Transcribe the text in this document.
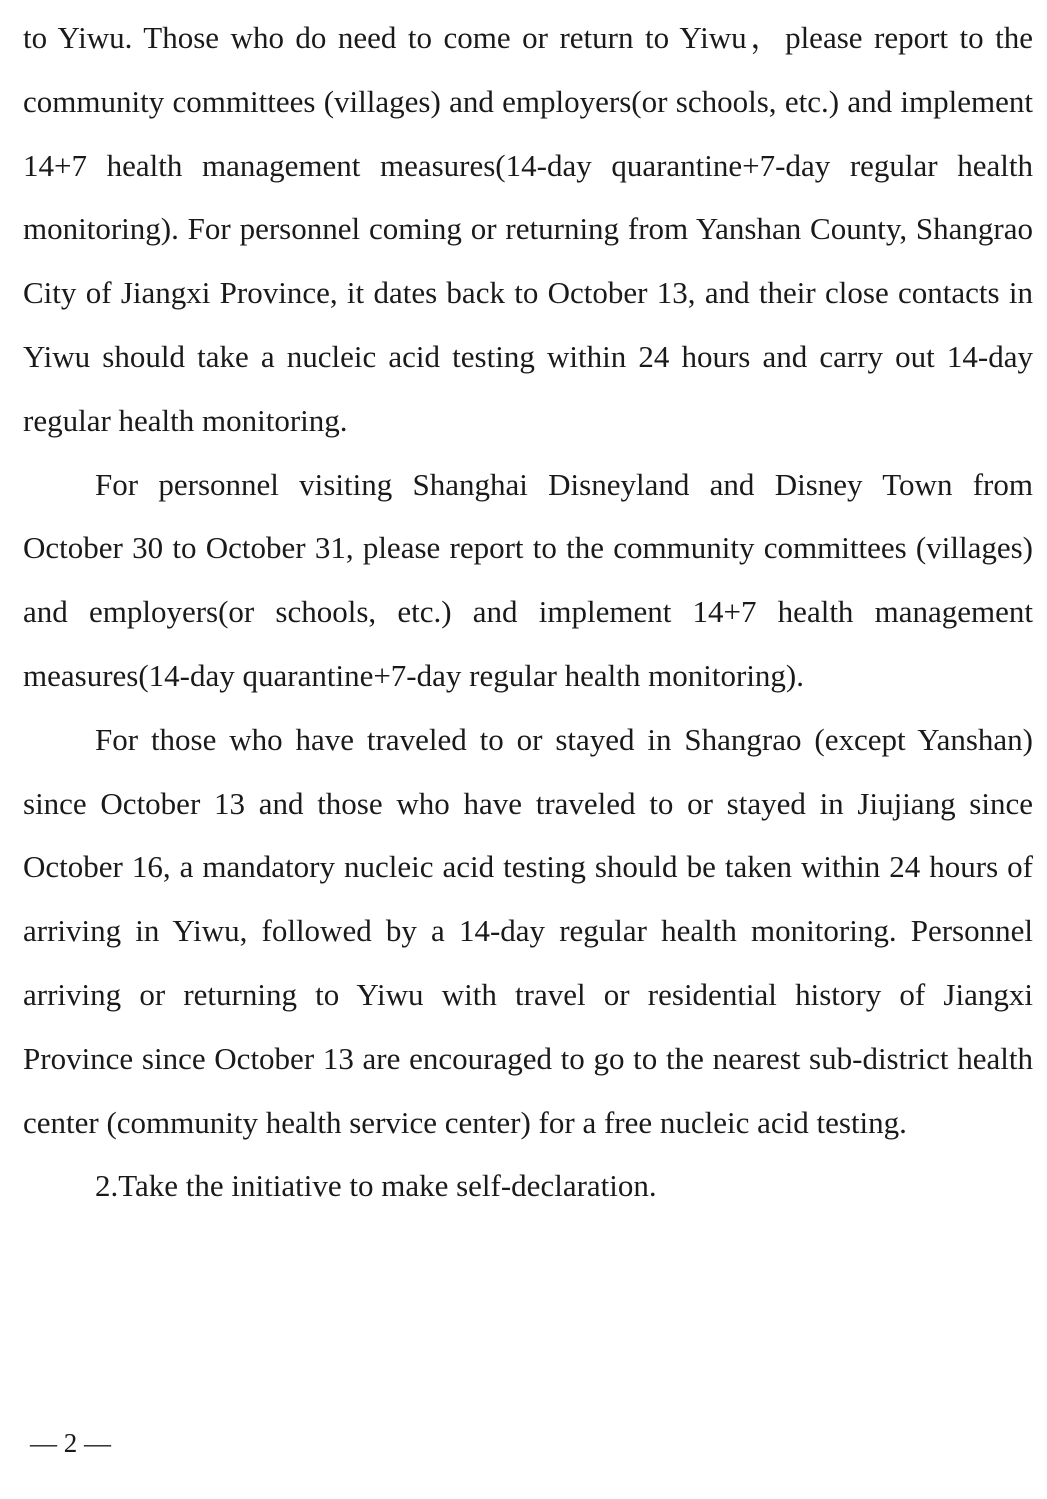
to Yiwu. Those who do need to come or return to Yiwu，please report to the community committees (villages) and employers(or schools, etc.) and implement 14+7 health management measures(14-day quarantine+7-day regular health monitoring). For personnel coming or returning from Yanshan County, Shangrao City of Jiangxi Province, it dates back to October 13, and their close contacts in Yiwu should take a nucleic acid testing within 24 hours and carry out 14-day regular health monitoring.

For personnel visiting Shanghai Disneyland and Disney Town from October 30 to October 31, please report to the community committees (villages) and employers(or schools, etc.) and implement 14+7 health management measures(14-day quarantine+7-day regular health monitoring).

For those who have traveled to or stayed in Shangrao (except Yanshan) since October 13 and those who have traveled to or stayed in Jiujiang since October 16, a mandatory nucleic acid testing should be taken within 24 hours of arriving in Yiwu, followed by a 14-day regular health monitoring. Personnel arriving or returning to Yiwu with travel or residential history of Jiangxi Province since October 13 are encouraged to go to the nearest sub-district health center (community health service center) for a free nucleic acid testing.

2.Take the initiative to make self-declaration.

— 2 —
